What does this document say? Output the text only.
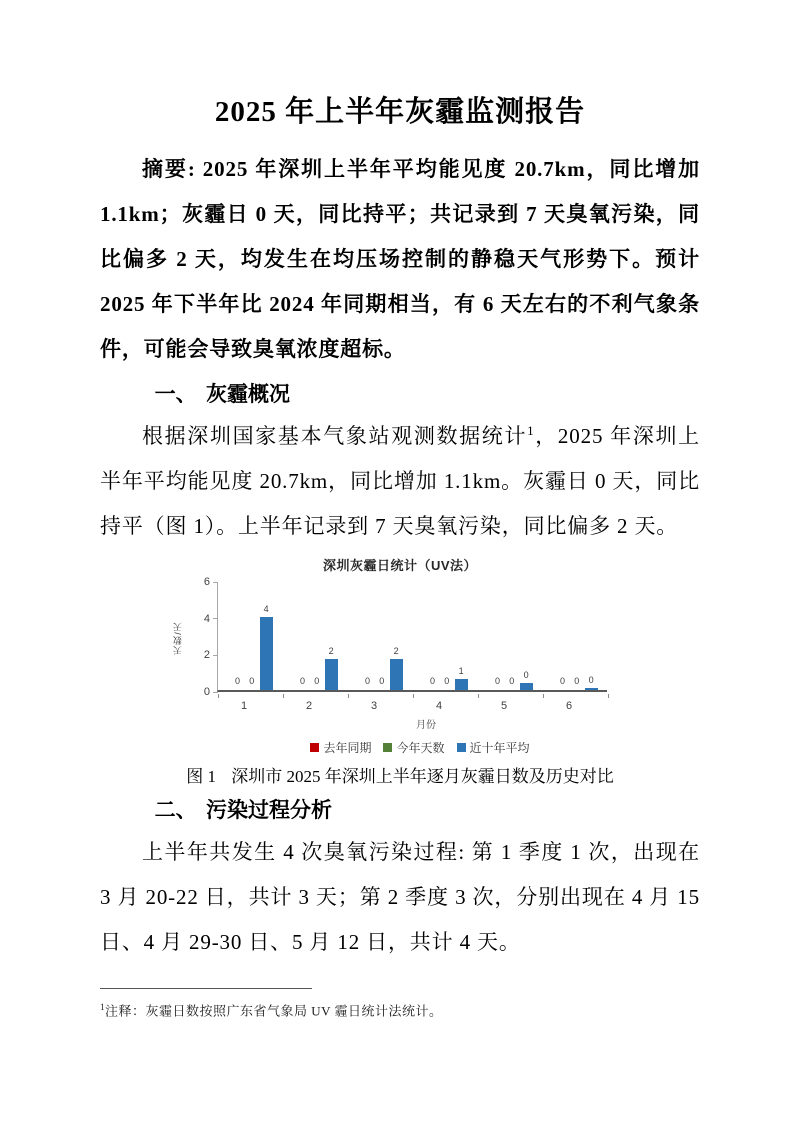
2025 年上半年灰霾监测报告

摘要: 2025 年深圳上半年平均能见度 20.7km，同比增加 1.1km；灰霾日 0 天，同比持平；共记录到 7 天臭氧污染，同比偏多 2 天，均发生在均压场控制的静稳天气形势下。预计 2025 年下半年比 2024 年同期相当，有 6 天左右的不利气象条件，可能会导致臭氧浓度超标。

一、 灰霾概况

根据深圳国家基本气象站观测数据统计$^1$，2025 年深圳上半年平均能见度 20.7km，同比增加 1.1km。灰霾日 0 天，同比持平（图 1）。上半年记录到 7 天臭氧污染，同比偏多 2 天。

深圳灰霾日统计（UV法）
天数/天
0
2
4
6
1
0	0
4
2
0	0
2
3
0	0
2
4
0	0
1
5
0	0
0
6
0	0	0
月份
去年同期 今年天数 近十年平均
图 1 深圳市 2025 年深圳上半年逐月灰霾日数及历史对比
二、 污染过程分析

上半年共发生 4 次臭氧污染过程: 第 1 季度 1 次，出现在 3 月 20-22 日，共计 3 天；第 2 季度 3 次，分别出现在 4 月 15 日、4 月 29-30 日、5 月 12 日，共计 4 天。

$^1$注释：灰霾日数按照广东省气象局 UV 霾日统计法统计。
